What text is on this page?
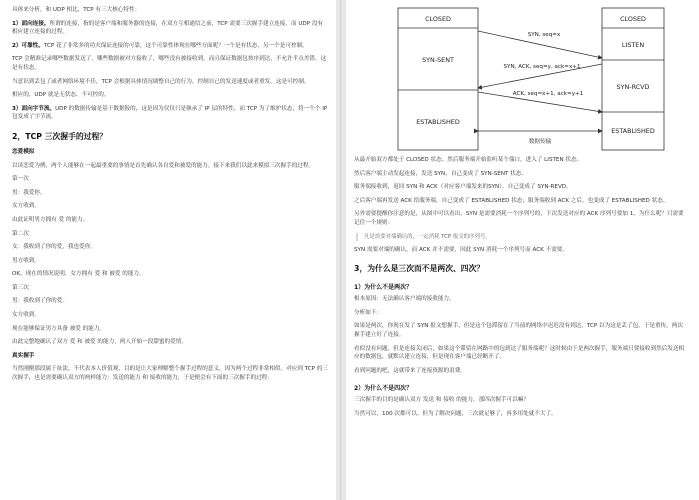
具体来分析，和 UDP 相比，TCP 有三大核心特性：

1）面向连接。所谓的连接，指的是客户端和服务器的连接，在双方互相通信之前，TCP 需要三次握手建立连接，而 UDP 没有相应建立连接的过程。

2）可靠性。TCP 花了非常多的功夫保证连接的可靠，这个可靠性体现在哪些方面呢？一个是有状态，另一个是可控制。

TCP 会精准记录哪些数据发送了，哪些数据被对方接收了，哪些没有被接收到，而且保证数据包按序到达，不允许半点差错。这是有状态。

当意识到丢包了或者网络环境不佳，TCP 会根据具体情况调整自己的行为，控制自己的发送速度或者重发。这是可控制。

相应的，UDP 就是无状态、不可控的。

3）面向字节流。UDP 的数据传输是基于数据报的，这是因为仅仅只是继承了 IP 层的特性，而 TCP 为了维护状态，将一个个 IP 包变成了字节流。

2，TCP 三次握手的过程？

恋爱模拟

以谈恋爱为例，两个人能够在一起最重要的事情是首先确认各自爱和被爱的能力。接下来我们以此来模拟三次握手的过程。

第一次

男：我爱你。

女方收到。

由此证明男方拥有 爱 的能力。

第二次

女：我收到了你的爱，我也爱你。

男方收到。

OK，现在的情况说明，女方拥有 爱 和 被爱 的能力。

第三次

男：我收到了你的爱。

女方收到。

现在能够保证男方具备 被爱 的能力。

由此完整地确认了双方 爱 和 被爱 的能力，两人开始一段甜蜜的爱情。

真实握手

当然刚刚那段属于扯淡，不代表本人价值观，目的是让大家理解整个握手过程的意义，因为两个过程非常相似。对应到 TCP 的三次握手，也是需要确认双方的两样能力：发送的能力 和 接收的能力，于是便会有下面的三次握手的过程：

CLOSED
SYN-SENT
ESTABLISHED
CLOSED
LISTEN
SYN-RCVD
ESTABLISHED
SYN, seq=x
SYN, ACK, seq=y, ack=x+1
ACK, seq=x+1, ack=y+1
数据传输

从最开始双方都处于 CLOSED 状态。然后服务端开始监听某个端口，进入了 LISTEN 状态。

然后客户端主动发起连接，发送 SYN，自己变成了 SYN-SENT 状态。

服务端接收到，返回 SYN 和 ACK（对应客户端发来的SYN），自己变成了 SYN-REVD。

之后客户端再发送 ACK 给服务端，自己变成了 ESTABLISHED 状态；服务端收到 ACK 之后，也变成了 ESTABLISHED 状态。

另外需要提醒你注意的是，从图中可以看出，SYN 是需要消耗一个序列号的，下次发送对应的 ACK 序列号要加 1，为什么呢？只需要记住一个规则：

凡是需要对端确认的，一定消耗 TCP 报文的序列号。

SYN 需要对端的确认，而 ACK 并不需要，因此 SYN 消耗一个序列号而 ACK 不需要。

3，为什么是三次而不是两次、四次？
1）为什么不是两次？

根本原因：无法确认客户端的接收能力。

分析如下：

如果是两次，你现在发了 SYN 报文想握手，但是这个包滞留在了当前的网络中迟迟没有到达，TCP 以为这是丢了包，于是重传，两次握手建立好了连接。

看似没有问题，但是连接关闭后，如果这个滞留在网路中的包到达了服务端呢？这时候由于是两次握手，服务端只要接收到然后发送相应的数据包，就默认建立连接，但是现在客户端已经断开了。

看到问题的吧，这就带来了连接资源的浪费。

2）为什么不是四次？

三次握手的目的是确认双方 发送 和 接收 的能力，那四次握手可以嘛？

当然可以，100 次都可以。但为了解决问题，三次就足够了，再多用处就不大了。
